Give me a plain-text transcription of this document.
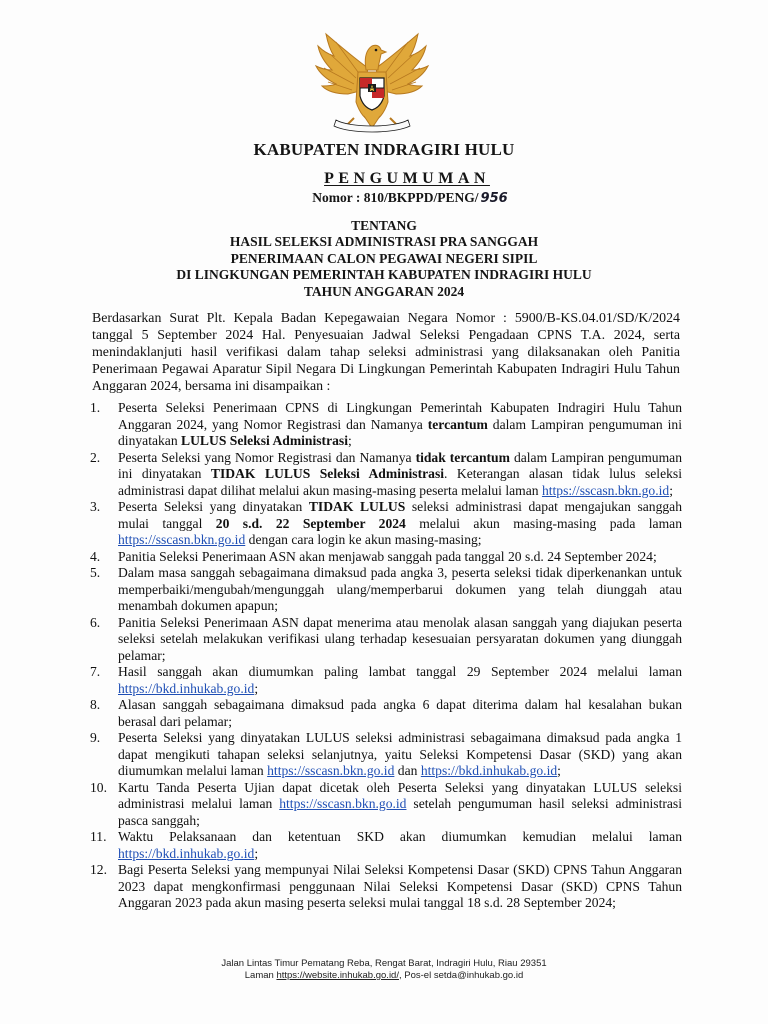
KABUPATEN INDRAGIRI HULU
PENGUMUMAN
Nomor : 810/BKPPD/PENG/ 956
TENTANG
HASIL SELEKSI ADMINISTRASI PRA SANGGAH
PENERIMAAN CALON PEGAWAI NEGERI SIPIL
DI LINGKUNGAN PEMERINTAH KABUPATEN INDRAGIRI HULU
TAHUN ANGGARAN 2024

Berdasarkan Surat Plt. Kepala Badan Kepegawaian Negara Nomor : 5900/B-KS.04.01/SD/K/2024 tanggal 5 September 2024 Hal. Penyesuaian Jadwal Seleksi Pengadaan CPNS T.A. 2024, serta menindaklanjuti hasil verifikasi dalam tahap seleksi administrasi yang dilaksanakan oleh Panitia Penerimaan Pegawai Aparatur Sipil Negara Di Lingkungan Pemerintah Kabupaten Indragiri Hulu Tahun Anggaran 2024, bersama ini disampaikan :

1. Peserta Seleksi Penerimaan CPNS di Lingkungan Pemerintah Kabupaten Indragiri Hulu Tahun Anggaran 2024, yang Nomor Registrasi dan Namanya tercantum dalam Lampiran pengumuman ini dinyatakan LULUS Seleksi Administrasi;
2. Peserta Seleksi yang Nomor Registrasi dan Namanya tidak tercantum dalam Lampiran pengumuman ini dinyatakan TIDAK LULUS Seleksi Administrasi. Keterangan alasan tidak lulus seleksi administrasi dapat dilihat melalui akun masing-masing peserta melalui laman https://sscasn.bkn.go.id;
3. Peserta Seleksi yang dinyatakan TIDAK LULUS seleksi administrasi dapat mengajukan sanggah mulai tanggal 20 s.d. 22 September 2024 melalui akun masing-masing pada laman https://sscasn.bkn.go.id dengan cara login ke akun masing-masing;
4. Panitia Seleksi Penerimaan ASN akan menjawab sanggah pada tanggal 20 s.d. 24 September 2024;
5. Dalam masa sanggah sebagaimana dimaksud pada angka 3, peserta seleksi tidak diperkenankan untuk memperbaiki/mengubah/mengunggah ulang/memperbarui dokumen yang telah diunggah atau menambah dokumen apapun;
6. Panitia Seleksi Penerimaan ASN dapat menerima atau menolak alasan sanggah yang diajukan peserta seleksi setelah melakukan verifikasi ulang terhadap kesesuaian persyaratan dokumen yang diunggah pelamar;
7. Hasil sanggah akan diumumkan paling lambat tanggal 29 September 2024 melalui laman https://bkd.inhukab.go.id;
8. Alasan sanggah sebagaimana dimaksud pada angka 6 dapat diterima dalam hal kesalahan bukan berasal dari pelamar;
9. Peserta Seleksi yang dinyatakan LULUS seleksi administrasi sebagaimana dimaksud pada angka 1 dapat mengikuti tahapan seleksi selanjutnya, yaitu Seleksi Kompetensi Dasar (SKD) yang akan diumumkan melalui laman https://sscasn.bkn.go.id dan https://bkd.inhukab.go.id;
10. Kartu Tanda Peserta Ujian dapat dicetak oleh Peserta Seleksi yang dinyatakan LULUS seleksi administrasi melalui laman https://sscasn.bkn.go.id setelah pengumuman hasil seleksi administrasi pasca sanggah;
11. Waktu Pelaksanaan dan ketentuan SKD akan diumumkan kemudian melalui laman https://bkd.inhukab.go.id;
12. Bagi Peserta Seleksi yang mempunyai Nilai Seleksi Kompetensi Dasar (SKD) CPNS Tahun Anggaran 2023 dapat mengkonfirmasi penggunaan Nilai Seleksi Kompetensi Dasar (SKD) CPNS Tahun Anggaran 2023 pada akun masing peserta seleksi mulai tanggal 18 s.d. 28 September 2024;
Jalan Lintas Timur Pematang Reba, Rengat Barat, Indragiri Hulu, Riau 29351
Laman https://website.inhukab.go.id/, Pos-el setda@inhukab.go.id
